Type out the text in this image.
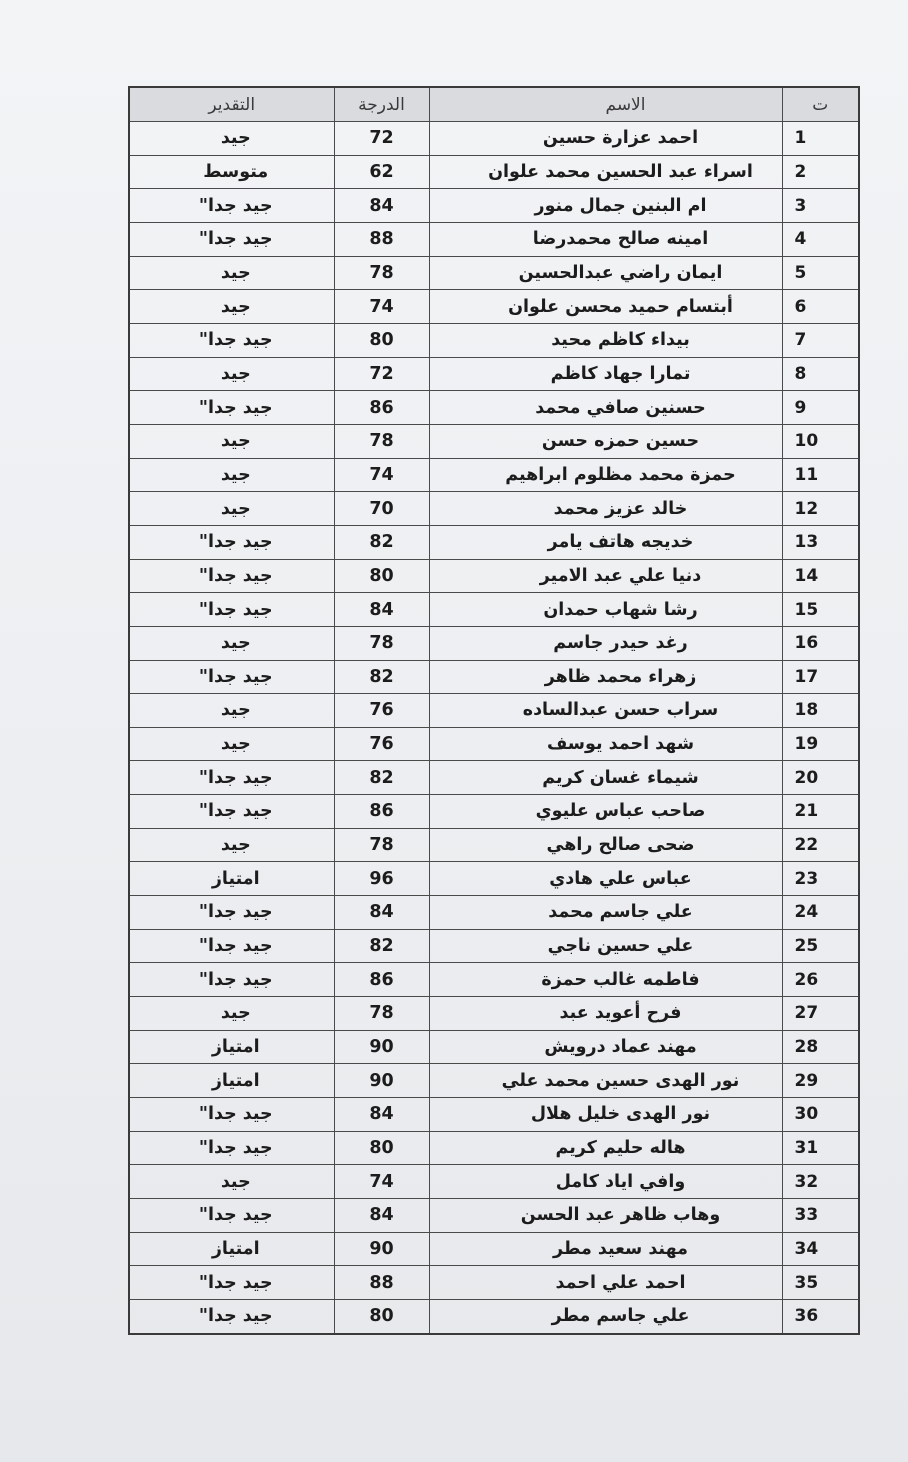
ت	الاسم	الدرجة	التقدير
1	احمد عزارة حسين	72	جيد
2	اسراء عبد الحسين محمد علوان	62	متوسط
3	ام البنين جمال منور	84	جيد جدا"
4	امينه صالح محمدرضا	88	جيد جدا"
5	ايمان راضي عبدالحسين	78	جيد
6	أبتسام حميد محسن علوان	74	جيد
7	بيداء كاظم محيد	80	جيد جدا"
8	تمارا جهاد كاظم	72	جيد
9	حسنين صافي محمد	86	جيد جدا"
10	حسين حمزه حسن	78	جيد
11	حمزة محمد مظلوم ابراهيم	74	جيد
12	خالد عزيز محمد	70	جيد
13	خديجه هاتف يامر	82	جيد جدا"
14	دنيا علي عبد الامير	80	جيد جدا"
15	رشا شهاب حمدان	84	جيد جدا"
16	رغد حيدر جاسم	78	جيد
17	زهراء محمد ظاهر	82	جيد جدا"
18	سراب حسن عبدالساده	76	جيد
19	شهد احمد يوسف	76	جيد
20	شيماء غسان كريم	82	جيد جدا"
21	صاحب عباس عليوي	86	جيد جدا"
22	ضحى صالح راهي	78	جيد
23	عباس علي هادي	96	امتياز
24	علي جاسم محمد	84	جيد جدا"
25	علي حسين ناجي	82	جيد جدا"
26	فاطمه غالب حمزة	86	جيد جدا"
27	فرح أعويد عبد	78	جيد
28	مهند عماد درويش	90	امتياز
29	نور الهدى حسين محمد علي	90	امتياز
30	نور الهدى خليل هلال	84	جيد جدا"
31	هاله حليم كريم	80	جيد جدا"
32	وافي اياد كامل	74	جيد
33	وهاب ظاهر عبد الحسن	84	جيد جدا"
34	مهند سعيد مطر	90	امتياز
35	احمد علي احمد	88	جيد جدا"
36	علي جاسم مطر	80	جيد جدا"
